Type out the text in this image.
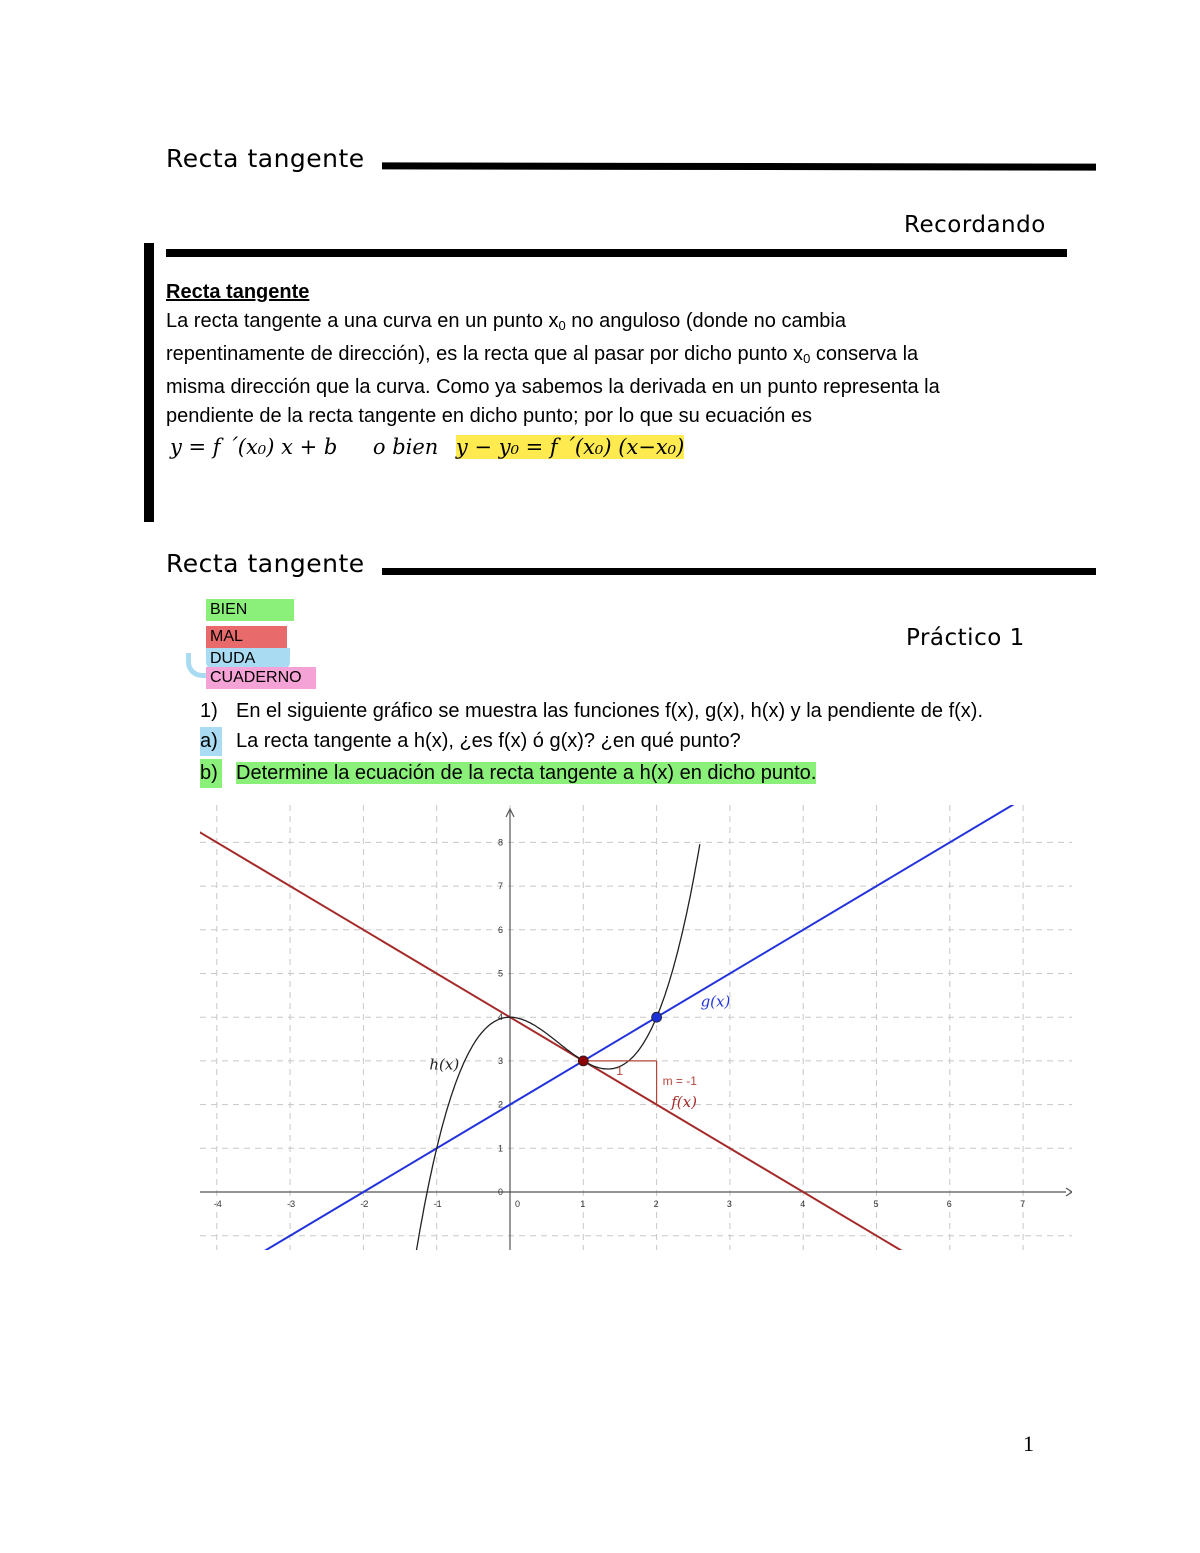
Recta tangente
Recordando
Recta tangente
La recta tangente a una curva en un punto $x_0$ no anguloso (donde no cambia
repentinamente de dirección), es la recta que al pasar por dicho punto $x_0$ conserva la
misma dirección que la curva. Como ya sabemos la derivada en un punto representa la
pendiente de la recta tangente en dicho punto; por lo que su ecuación es
y = f ´(x₀) x + b o bien y − y₀ = f ´(x₀) (x−x₀)
Recta tangente
Práctico 1
BIEN
MAL
DUDA
CUADERNO
1) En el siguiente gráfico se muestra las funciones f(x), g(x), h(x) y la pendiente de f(x).
a) La recta tangente a h(x), ¿es f(x) ó g(x)? ¿en qué punto?
b) Determine la ecuación de la recta tangente a h(x) en dicho punto.
-4	-3	-2	-1	0	1	2	3	4	5	6	7
0
1
2
3
4
5
6
7
8
1
m = -1
f(x)
g(x)
h(x)
1
